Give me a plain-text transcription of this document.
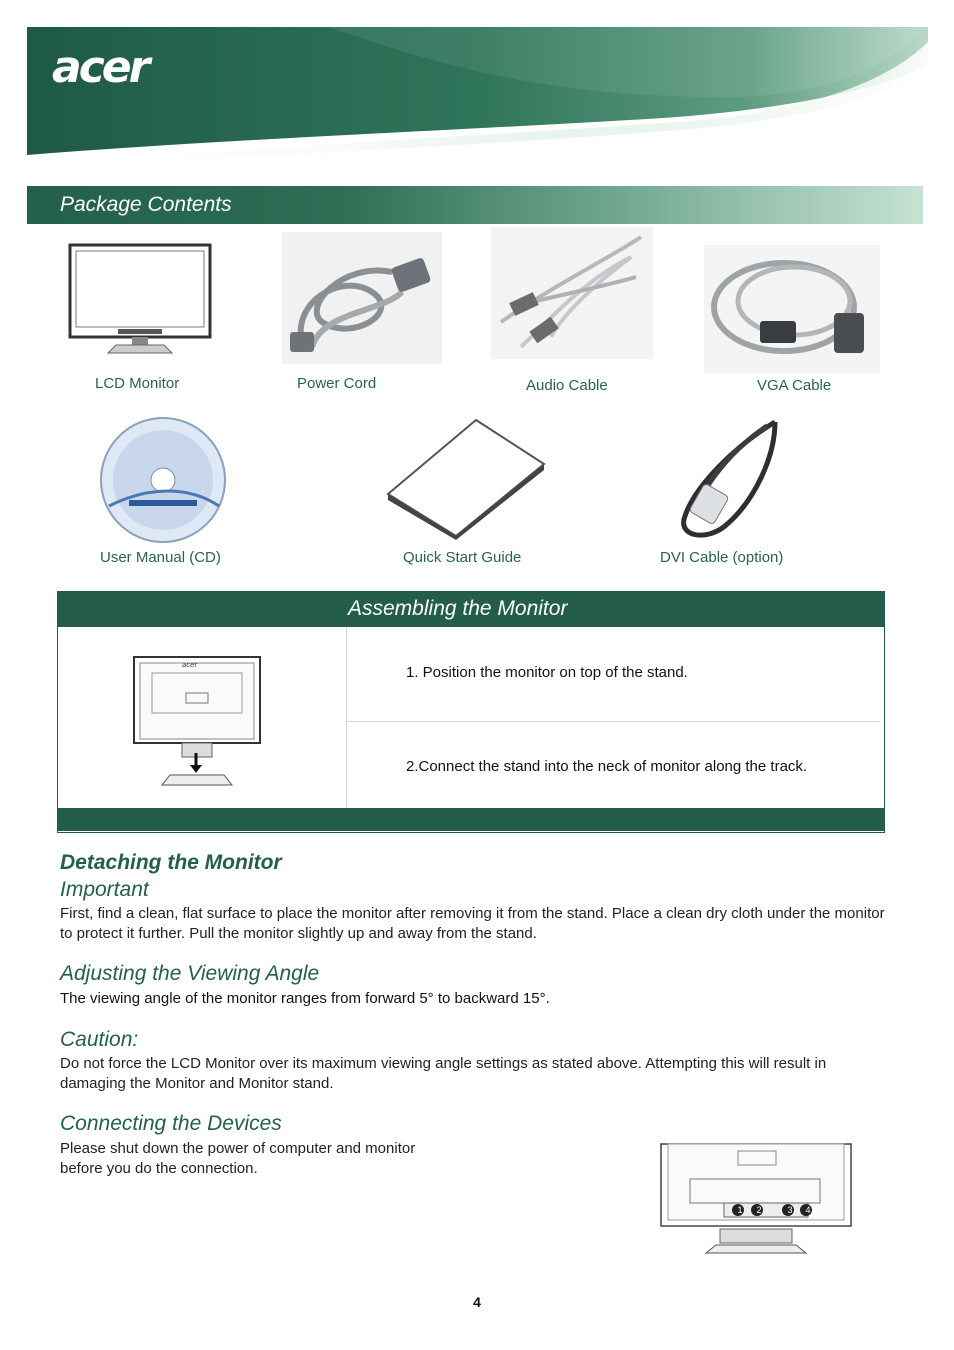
acer
Package Contents
LCD Monitor	Power Cord	Audio Cable	VGA Cable
User Manual (CD)	Quick Start Guide	DVI Cable (option)
Assembling the Monitor
acer	1. Position the monitor on top of the stand.
2.Connect the stand into the neck of monitor along the track.
Detaching the Monitor
Important
First, find a clean, flat surface to place the monitor after removing it from the stand. Place a clean dry cloth under the monitor to protect it further. Pull the monitor slightly up and away from the stand.
Adjusting the Viewing Angle
The viewing angle of the monitor ranges from forward 5° to backward 15°.
Caution:
Do not force the LCD Monitor over its maximum viewing angle settings as stated above. Attempting this will result in damaging the Monitor and Monitor stand.
Connecting the Devices
Please shut down the power of computer and monitor before you do the connection.
1 2	3 4
4
